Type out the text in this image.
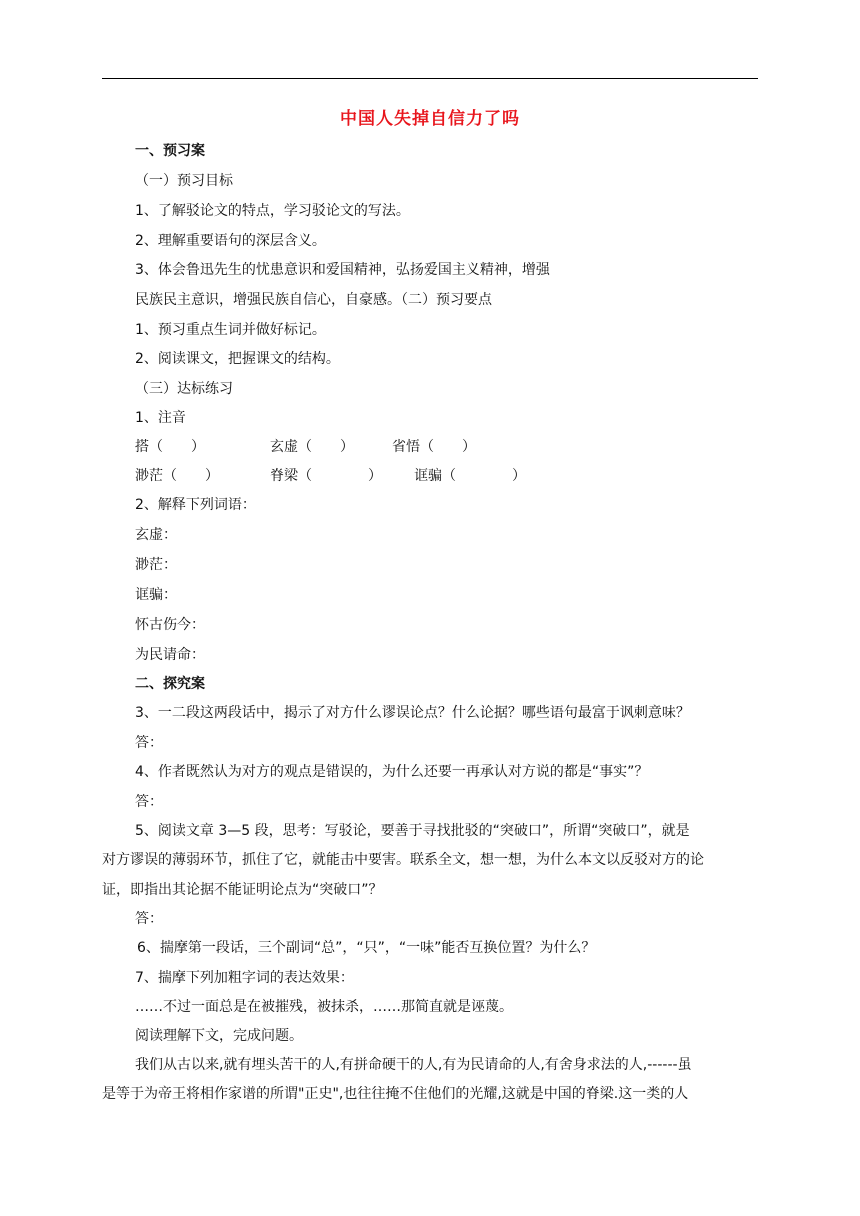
中国人失掉自信力了吗
一、预习案
（一）预习目标
1、了解驳论文的特点，学习驳论文的写法。
2、理解重要语句的深层含义。
3、体会鲁迅先生的忧患意识和爱国精神，弘扬爱国主义精神，增强
民族民主意识，增强民族自信心，自豪感。（二）预习要点
1、预习重点生词并做好标记。
2、阅读课文，把握课文的结构。
（三）达标练习
1、注音
搭（　　）	玄虚（　　）	省悟（　　）
渺茫（　　）	脊梁（　　　　） 诓骗（　　　　）
2、解释下列词语：
玄虚：
渺茫：
诓骗：
怀古伤今：
为民请命：
二、探究案
3、一二段这两段话中，揭示了对方什么谬误论点？什么论据？哪些语句最富于讽刺意味？
答：
4、作者既然认为对方的观点是错误的，为什么还要一再承认对方说的都是“事实”？
答：
5、阅读文章 3—5 段，思考：写驳论，要善于寻找批驳的“突破口”，所谓“突破口”，就是
对方谬误的薄弱环节，抓住了它，就能击中要害。联系全文，想一想，为什么本文以反驳对方的论
证，即指出其论据不能证明论点为“突破口”？
答：
6、揣摩第一段话，三个副词“总”，“只”，“一味”能否互换位置？为什么？
7、揣摩下列加粗字词的表达效果：
……不过一面总是在被摧残，被抹杀，……那简直就是诬蔑。
阅读理解下文，完成问题。
我们从古以来,就有埋头苦干的人,有拼命硬干的人,有为民请命的人,有舍身求法的人,------虽
是等于为帝王将相作家谱的所谓"正史",也往往掩不住他们的光耀,这就是中国的脊梁.这一类的人
